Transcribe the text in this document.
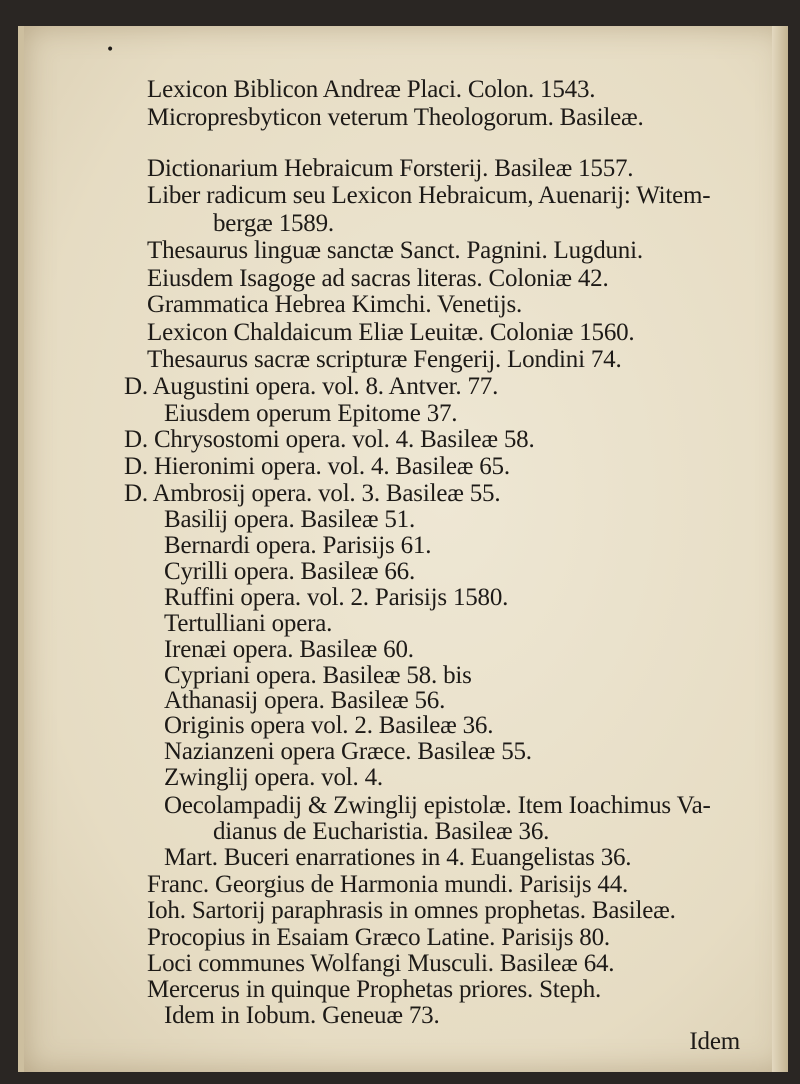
•
Lexicon Biblicon Andreæ Placi. Colon. 1543.
Micropresbyticon veterum Theologorum. Basileæ.
Dictionarium Hebraicum Forsterij. Basileæ 1557.
Liber radicum seu Lexicon Hebraicum, Auenarij: Witem-
bergæ 1589.
Thesaurus linguæ sanctæ Sanct. Pagnini. Lugduni.
Eiusdem Isagoge ad sacras literas. Coloniæ 42.
Grammatica Hebrea Kimchi. Venetijs.
Lexicon Chaldaicum Eliæ Leuitæ. Coloniæ 1560.
Thesaurus sacræ scripturæ Fengerij. Londini 74.
D. Augustini opera. vol. 8. Antver. 77.
Eiusdem operum Epitome 37.
D. Chrysostomi opera. vol. 4. Basileæ 58.
D. Hieronimi opera. vol. 4. Basileæ 65.
D. Ambrosij opera. vol. 3. Basileæ 55.
Basilij opera. Basileæ 51.
Bernardi opera. Parisijs 61.
Cyrilli opera. Basileæ 66.
Ruffini opera. vol. 2. Parisijs 1580.
Tertulliani opera.
Irenæi opera. Basileæ 60.
Cypriani opera. Basileæ 58. bis
Athanasij opera. Basileæ 56.
Originis opera vol. 2. Basileæ 36.
Nazianzeni opera Græce. Basileæ 55.
Zwinglij opera. vol. 4.
Oecolampadij & Zwinglij epistolæ. Item Ioachimus Va-
dianus de Eucharistia. Basileæ 36.
Mart. Buceri enarrationes in 4. Euangelistas 36.
Franc. Georgius de Harmonia mundi. Parisijs 44.
Ioh. Sartorij paraphrasis in omnes prophetas. Basileæ.
Procopius in Esaiam Græco Latine. Parisijs 80.
Loci communes Wolfangi Musculi. Basileæ 64.
Mercerus in quinque Prophetas priores. Steph.
Idem in Iobum. Geneuæ 73.
Idem
